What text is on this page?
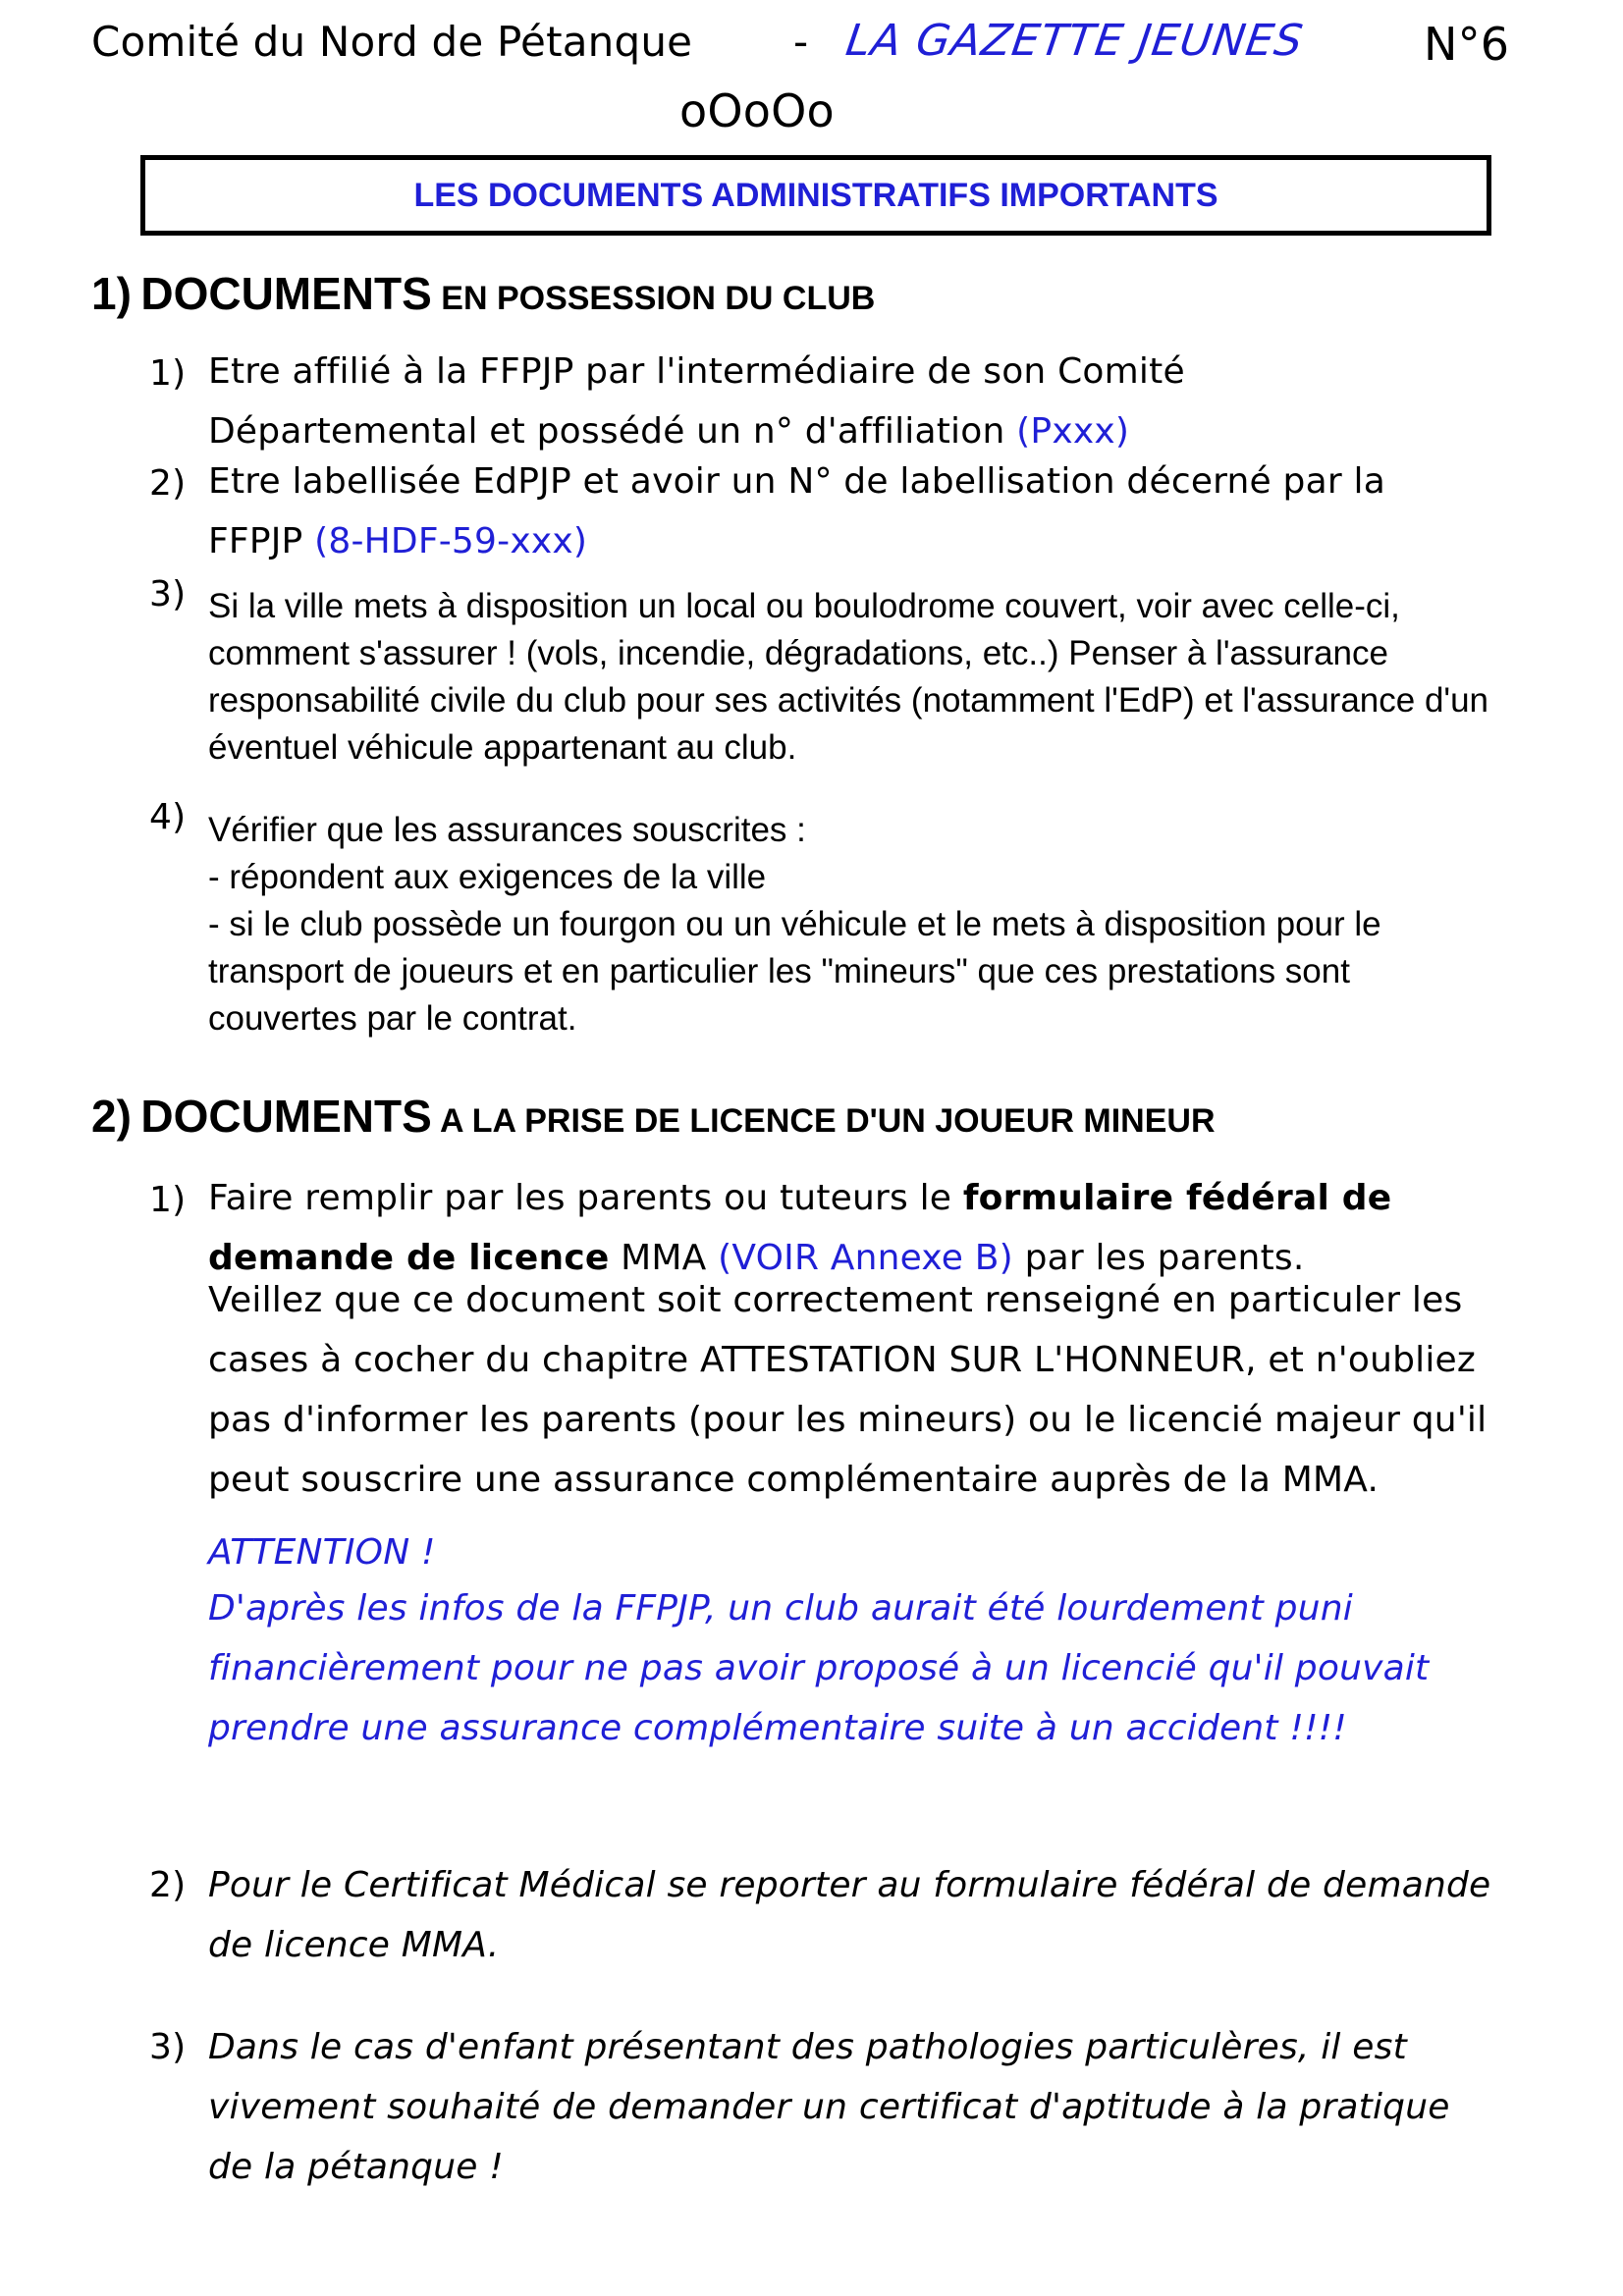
Comité du Nord de Pétanque - LA GAZETTE JEUNES	N°6
oOoOo
LES DOCUMENTS ADMINISTRATIFS IMPORTANTS
1) DOCUMENTS EN POSSESSION DU CLUB
1) Etre affilié à la FFPJP par l'intermédiaire de son Comité
Départemental et possédé un n° d'affiliation (Pxxx)
2) Etre labellisée EdPJP et avoir un N° de labellisation décerné par la
FFPJP (8-HDF-59-xxx)
3) Si la ville mets à disposition un local ou boulodrome couvert, voir avec celle-ci, comment s'assurer ! (vols, incendie, dégradations, etc..) Penser à l'assurance responsabilité civile du club pour ses activités (notamment l'EdP) et l'assurance d'un éventuel véhicule appartenant au club.
4) Vérifier que les assurances souscrites :
- répondent aux exigences de la ville
- si le club possède un fourgon ou un véhicule et le mets à disposition pour le transport de joueurs et en particulier les "mineurs" que ces prestations sont couvertes par le contrat.
2) DOCUMENTS A LA PRISE DE LICENCE D'UN JOUEUR MINEUR
1) Faire remplir par les parents ou tuteurs le formulaire fédéral de demande de licence MMA (VOIR Annexe B) par les parents.
Veillez que ce document soit correctement renseigné en particuler les cases à cocher du chapitre ATTESTATION SUR L'HONNEUR, et n'oubliez pas d'informer les parents (pour les mineurs) ou le licencié majeur qu'il peut souscrire une assurance complémentaire auprès de la MMA.
ATTENTION !
D'après les infos de la FFPJP, un club aurait été lourdement puni financièrement pour ne pas avoir proposé à un licencié qu'il pouvait prendre une assurance complémentaire suite à un accident !!!!
2) Pour le Certificat Médical se reporter au formulaire fédéral de demande de licence MMA.
3) Dans le cas d'enfant présentant des pathologies particulères, il est vivement souhaité de demander un certificat d'aptitude à la pratique de la pétanque !
